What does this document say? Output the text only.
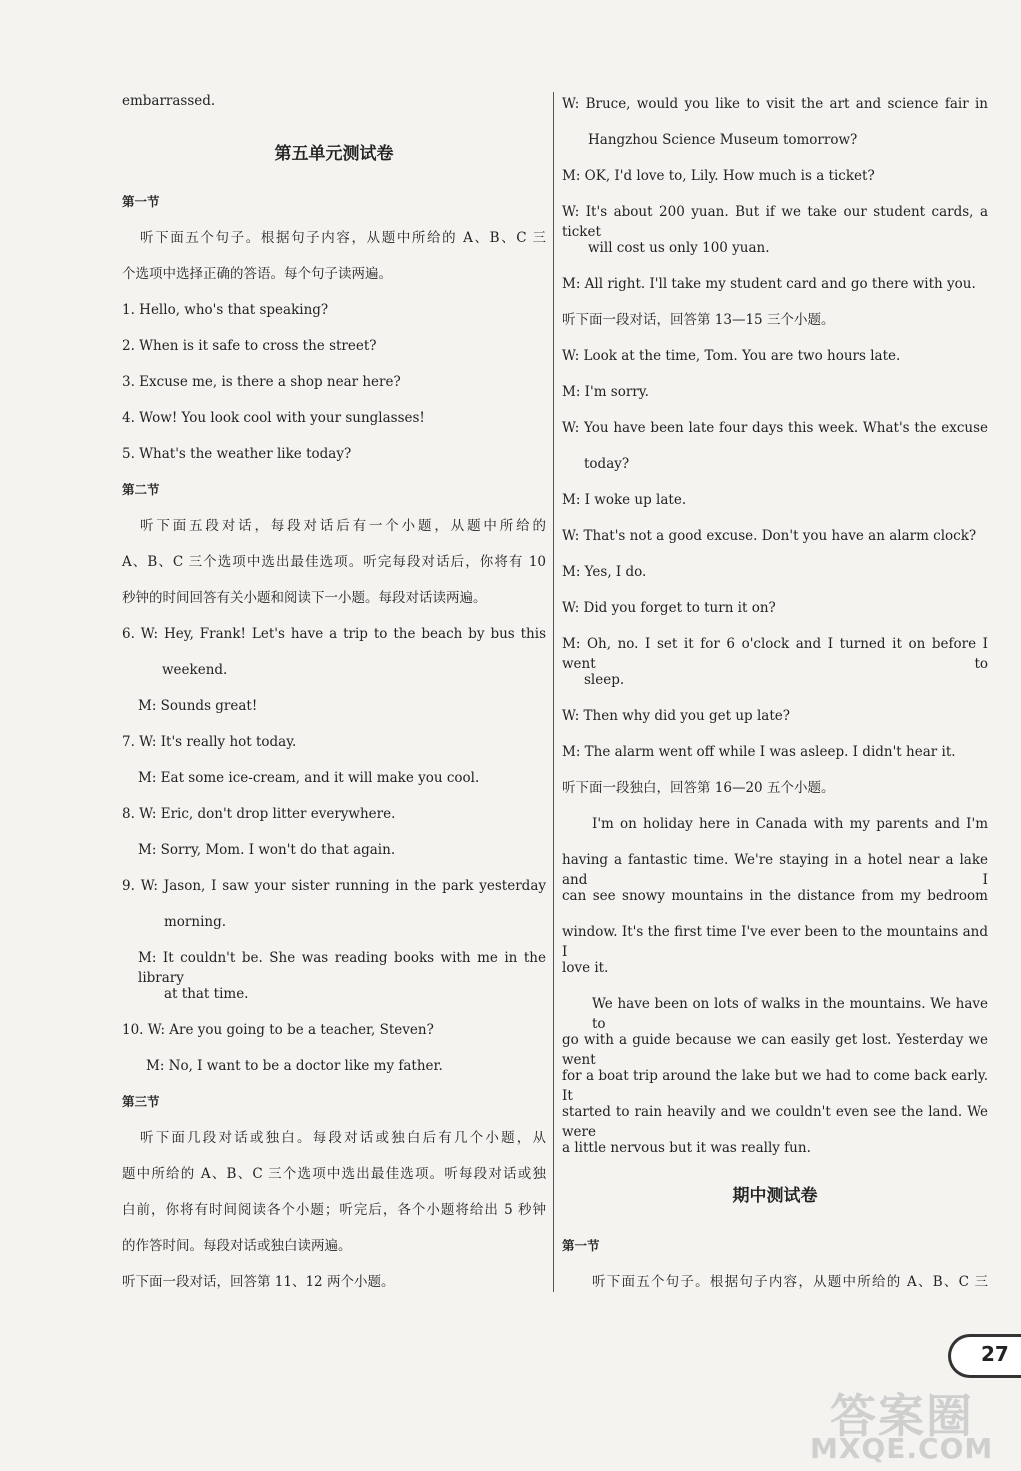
embarrassed.
第五单元测试卷
第一节
听下面五个句子。根据句子内容，从题中所给的 A、B、C 三
个选项中选择正确的答语。每个句子读两遍。
1. Hello, who's that speaking?
2. When is it safe to cross the street?
3. Excuse me, is there a shop near here?
4. Wow! You look cool with your sunglasses!
5. What's the weather like today?
第二节
听下面五段对话，每段对话后有一个小题，从题中所给的
A、B、C 三个选项中选出最佳选项。听完每段对话后，你将有 10
秒钟的时间回答有关小题和阅读下一小题。每段对话读两遍。
6. W: Hey, Frank! Let's have a trip to the beach by bus this
weekend.
M: Sounds great!
7. W: It's really hot today.
M: Eat some ice-cream, and it will make you cool.
8. W: Eric, don't drop litter everywhere.
M: Sorry, Mom. I won't do that again.
9. W: Jason, I saw your sister running in the park yesterday
morning.
M: It couldn't be. She was reading books with me in the library
at that time.
10. W: Are you going to be a teacher, Steven?
M: No, I want to be a doctor like my father.
第三节
听下面几段对话或独白。每段对话或独白后有几个小题，从
题中所给的 A、B、C 三个选项中选出最佳选项。听每段对话或独
白前，你将有时间阅读各个小题；听完后，各个小题将给出 5 秒钟
的作答时间。每段对话或独白读两遍。
听下面一段对话，回答第 11、12 两个小题。
W: Bruce, would you like to visit the art and science fair in
Hangzhou Science Museum tomorrow?
M: OK, I'd love to, Lily. How much is a ticket?
W: It's about 200 yuan. But if we take our student cards, a ticket
will cost us only 100 yuan.
M: All right. I'll take my student card and go there with you.
听下面一段对话，回答第 13—15 三个小题。
W: Look at the time, Tom. You are two hours late.
M: I'm sorry.
W: You have been late four days this week. What's the excuse
today?
M: I woke up late.
W: That's not a good excuse. Don't you have an alarm clock?
M: Yes, I do.
W: Did you forget to turn it on?
M: Oh, no. I set it for 6 o'clock and I turned it on before I went to
sleep.
W: Then why did you get up late?
M: The alarm went off while I was asleep. I didn't hear it.
听下面一段独白，回答第 16—20 五个小题。
I'm on holiday here in Canada with my parents and I'm
having a fantastic time. We're staying in a hotel near a lake and I
can see snowy mountains in the distance from my bedroom
window. It's the first time I've ever been to the mountains and I
love it.
We have been on lots of walks in the mountains. We have to
go with a guide because we can easily get lost. Yesterday we went
for a boat trip around the lake but we had to come back early. It
started to rain heavily and we couldn't even see the land. We were
a little nervous but it was really fun.
期中测试卷
第一节
听下面五个句子。根据句子内容，从题中所给的 A、B、C 三
27
答案圈
MXQE.COM
